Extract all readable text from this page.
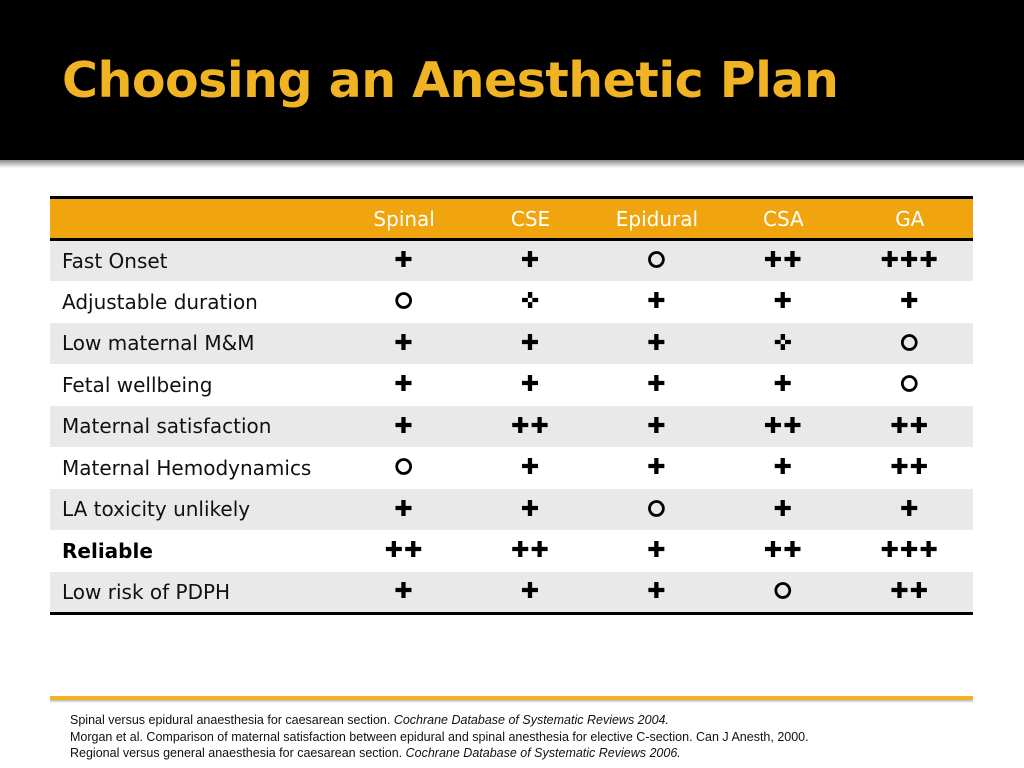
Choosing an Anesthetic Plan
	Spinal	CSE	Epidural	CSA	GA
Fast Onset	✚	✚	⭘	✚✚	✚✚✚
Adjustable duration	⭘	✜	✚	✚	✚
Low maternal M&M	✚	✚	✚	✜	⭘
Fetal wellbeing	✚	✚	✚	✚	⭘
Maternal satisfaction	✚	✚✚	✚	✚✚	✚✚
Maternal Hemodynamics	⭘	✚	✚	✚	✚✚
LA toxicity unlikely	✚	✚	⭘	✚	✚
Reliable	✚✚	✚✚	✚	✚✚	✚✚✚
Low risk of PDPH	✚	✚	✚	⭘	✚✚
Spinal versus epidural anaesthesia for caesarean section. Cochrane Database of Systematic Reviews 2004.
Morgan et al. Comparison of maternal satisfaction between epidural and spinal anesthesia for elective C-section. Can J Anesth, 2000.
Regional versus general anaesthesia for caesarean section. Cochrane Database of Systematic Reviews 2006.
